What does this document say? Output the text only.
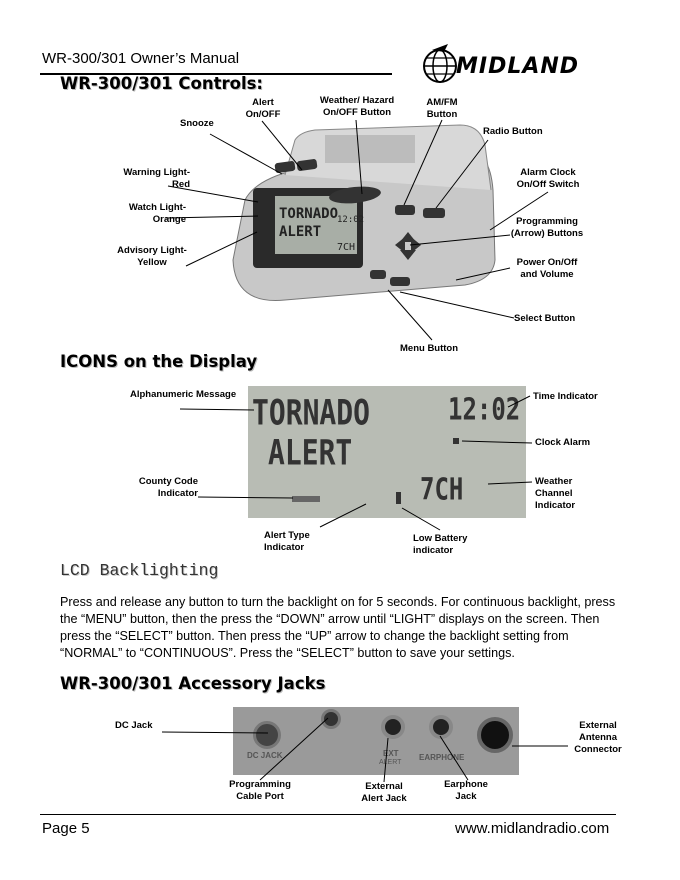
WR-300/301 Owner’s Manual	MIDLAND
WR-300/301 Controls:
TORNADO
ALERT
12:02
7CH
Alert On/OFF
Weather/ Hazard On/OFF Button
AM/FM Button
Snooze
Radio Button
Warning Light- Red
Alarm Clock On/Off Switch
Watch Light- Orange	Programming (Arrow) Buttons
Advisory Light- Yellow	Power On/Off and Volume
Select Button
Menu Button
ICONS on the Display
TORNADO
ALERT
12:02
7CH
Alphanumeric Message
County Code Indicator
Alert Type Indicator
Low Battery indicator
Time Indicator
Clock Alarm
Weather Channel Indicator
LCD Backlighting
Press and release any button to turn the backlight on for 5 seconds. For continuous backlight, press the “MENU” button, then the press the “DOWN” arrow until “LIGHT” displays on the screen. Then press the “SELECT” button. Then press the “UP” arrow to change the backlight setting from “NORMAL” to “CONTINUOUS”. Press the “SELECT” button to save your settings.
WR-300/301 Accessory Jacks
DC JACK	EXT
ALERT
EARPHONE
DC Jack
Programming Cable Port
External Alert Jack
Earphone Jack
External Antenna Connector
Page 5	www.midlandradio.com
